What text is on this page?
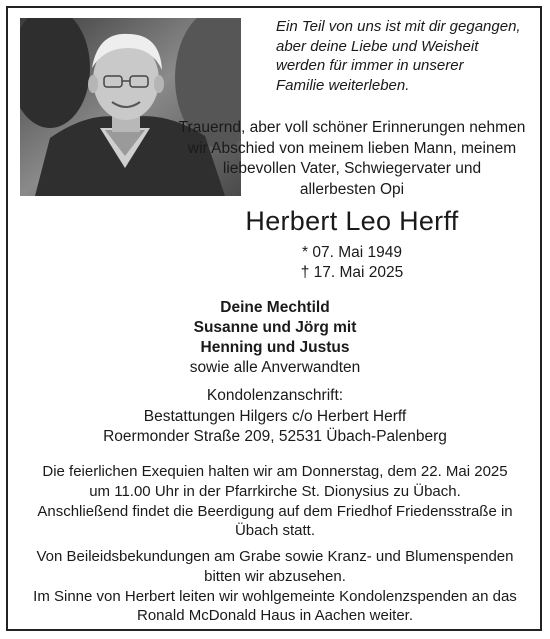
Ein Teil von uns ist mit dir gegangen,
aber deine Liebe und Weisheit
werden für immer in unserer
Familie weiterleben.
Trauernd, aber voll schöner Erinnerungen nehmen
wir Abschied von meinem lieben Mann, meinem
liebevollen Vater, Schwiegervater und
allerbesten Opi
Herbert Leo Herff
* 07. Mai 1949
† 17. Mai 2025
Deine Mechtild
Susanne und Jörg mit
Henning und Justus
sowie alle Anverwandten
Kondolenzanschrift:
Bestattungen Hilgers c/o Herbert Herff
Roermonder Straße 209, 52531 Übach-Palenberg
Die feierlichen Exequien halten wir am Donnerstag, dem 22. Mai 2025
um 11.00 Uhr in der Pfarrkirche St. Dionysius zu Übach.
Anschließend findet die Beerdigung auf dem Friedhof Friedensstraße in
Übach statt.
Von Beileidsbekundungen am Grabe sowie Kranz- und Blumenspenden
bitten wir abzusehen.
Im Sinne von Herbert leiten wir wohlgemeinte Kondolenzspenden an das
Ronald McDonald Haus in Aachen weiter.
